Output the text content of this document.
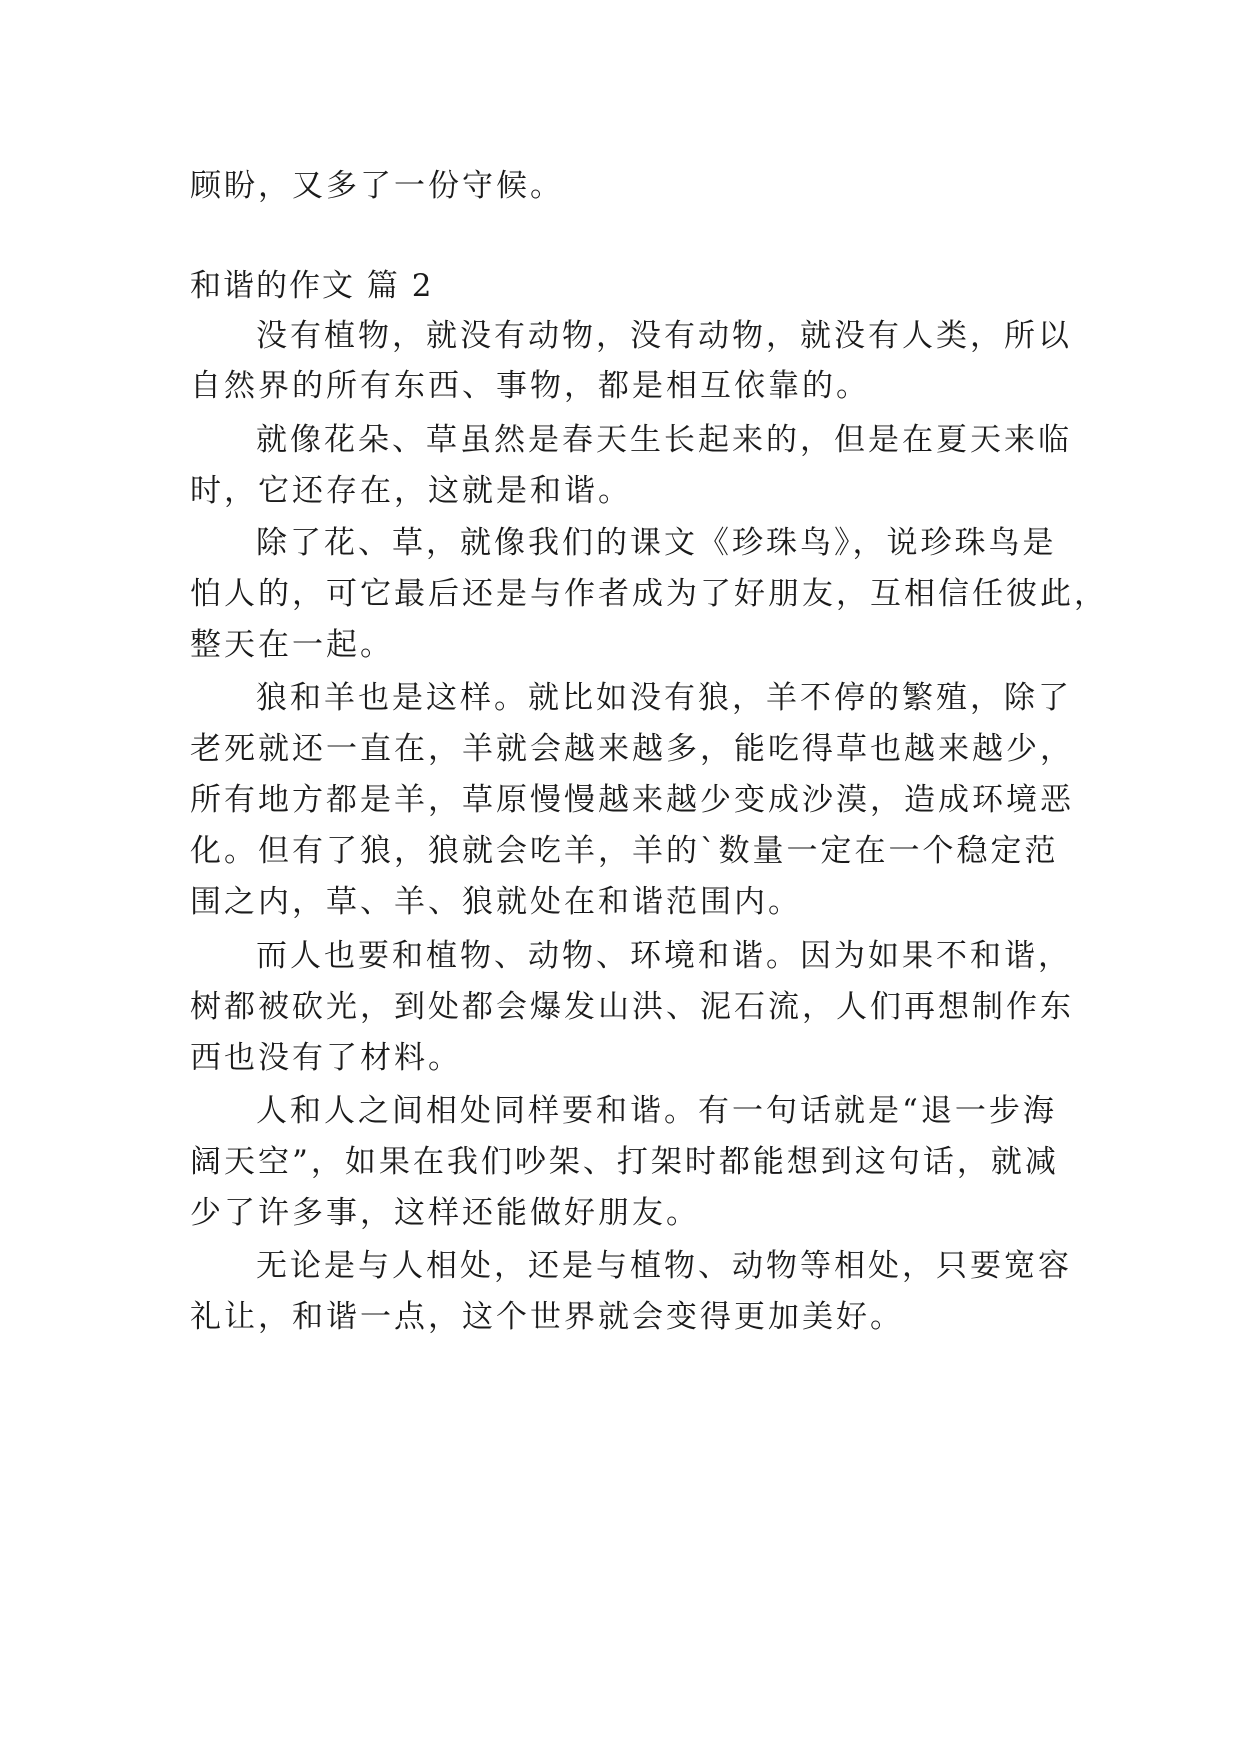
顾盼，又多了一份守候。
和谐的作文 篇 2
没有植物，就没有动物，没有动物，就没有人类，所以
自然界的所有东西、事物，都是相互依靠的。
就像花朵、草虽然是春天生长起来的，但是在夏天来临
时，它还存在，这就是和谐。
除了花、草，就像我们的课文《珍珠鸟》，说珍珠鸟是
怕人的，可它最后还是与作者成为了好朋友，互相信任彼此，
整天在一起。
狼和羊也是这样。就比如没有狼，羊不停的繁殖，除了
老死就还一直在，羊就会越来越多，能吃得草也越来越少，
所有地方都是羊，草原慢慢越来越少变成沙漠，造成环境恶
化。但有了狼，狼就会吃羊，羊的`数量一定在一个稳定范
围之内，草、羊、狼就处在和谐范围内。
而人也要和植物、动物、环境和谐。因为如果不和谐，
树都被砍光，到处都会爆发山洪、泥石流，人们再想制作东
西也没有了材料。
人和人之间相处同样要和谐。有一句话就是“退一步海
阔天空”，如果在我们吵架、打架时都能想到这句话，就减
少了许多事，这样还能做好朋友。
无论是与人相处，还是与植物、动物等相处，只要宽容
礼让，和谐一点，这个世界就会变得更加美好。
